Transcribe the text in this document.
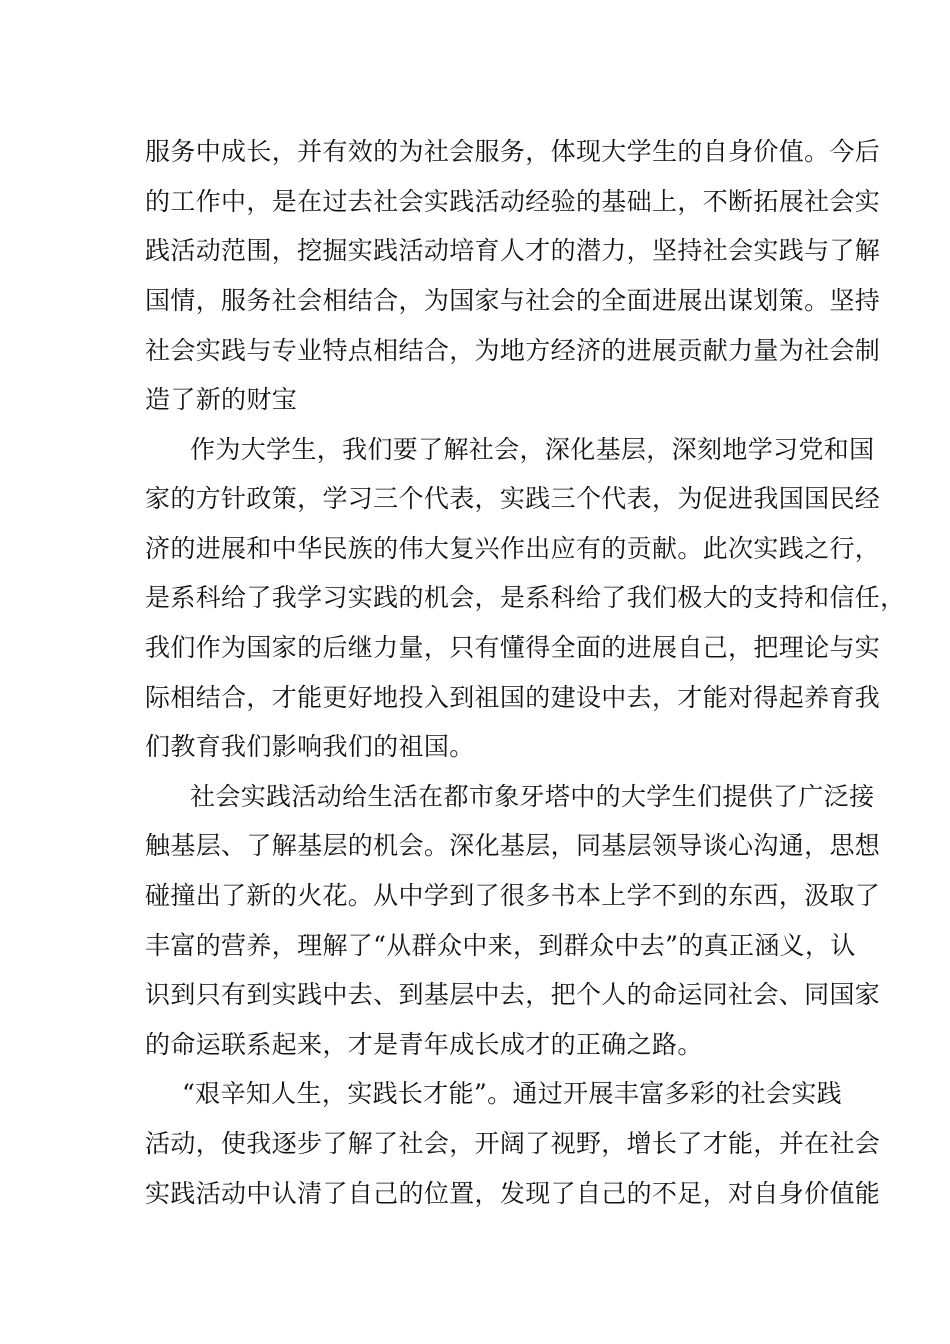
服务中成长，并有效的为社会服务，体现大学生的自身价值。今后
的工作中，是在过去社会实践活动经验的基础上，不断拓展社会实
践活动范围，挖掘实践活动培育人才的潜力，坚持社会实践与了解
国情，服务社会相结合，为国家与社会的全面进展出谋划策。坚持
社会实践与专业特点相结合，为地方经济的进展贡献力量为社会制
造了新的财宝
作为大学生，我们要了解社会，深化基层，深刻地学习党和国
家的方针政策，学习三个代表，实践三个代表，为促进我国国民经
济的进展和中华民族的伟大复兴作出应有的贡献。此次实践之行，
是系科给了我学习实践的机会，是系科给了我们极大的支持和信任，
我们作为国家的后继力量，只有懂得全面的进展自己，把理论与实
际相结合，才能更好地投入到祖国的建设中去，才能对得起养育我
们教育我们影响我们的祖国。
社会实践活动给生活在都市象牙塔中的大学生们提供了广泛接
触基层、了解基层的机会。深化基层，同基层领导谈心沟通，思想
碰撞出了新的火花。从中学到了很多书本上学不到的东西，汲取了
丰富的营养，理解了“从群众中来，到群众中去”的真正涵义，认
识到只有到实践中去、到基层中去，把个人的命运同社会、同国家
的命运联系起来，才是青年成长成才的正确之路。
“艰辛知人生，实践长才能”。通过开展丰富多彩的社会实践
活动，使我逐步了解了社会，开阔了视野，增长了才能，并在社会
实践活动中认清了自己的位置，发现了自己的不足，对自身价值能
